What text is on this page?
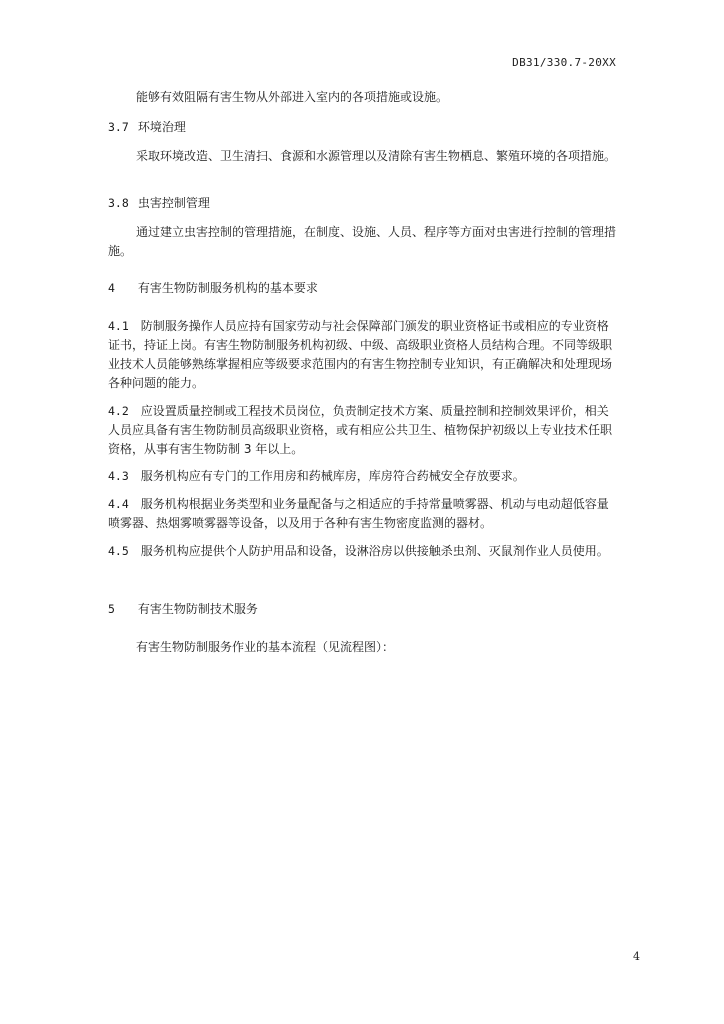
DB31/330.7-20XX
能够有效阻隔有害生物从外部进入室内的各项措施或设施。
3.7 环境治理
采取环境改造、卫生清扫、食源和水源管理以及清除有害生物栖息、繁殖环境的各项措施。
3.8 虫害控制管理
通过建立虫害控制的管理措施，在制度、设施、人员、程序等方面对虫害进行控制的管理措施。
4 有害生物防制服务机构的基本要求
4.1 防制服务操作人员应持有国家劳动与社会保障部门颁发的职业资格证书或相应的专业资格证书，持证上岗。有害生物防制服务机构初级、中级、高级职业资格人员结构合理。不同等级职业技术人员能够熟练掌握相应等级要求范围内的有害生物控制专业知识，有正确解决和处理现场各种问题的能力。
4.2 应设置质量控制或工程技术员岗位，负责制定技术方案、质量控制和控制效果评价，相关人员应具备有害生物防制员高级职业资格，或有相应公共卫生、植物保护初级以上专业技术任职资格，从事有害生物防制 3 年以上。
4.3 服务机构应有专门的工作用房和药械库房，库房符合药械安全存放要求。
4.4 服务机构根据业务类型和业务量配备与之相适应的手持常量喷雾器、机动与电动超低容量喷雾器、热烟雾喷雾器等设备，以及用于各种有害生物密度监测的器材。
4.5 服务机构应提供个人防护用品和设备，设淋浴房以供接触杀虫剂、灭鼠剂作业人员使用。
5 有害生物防制技术服务
有害生物防制服务作业的基本流程（见流程图）：
4
